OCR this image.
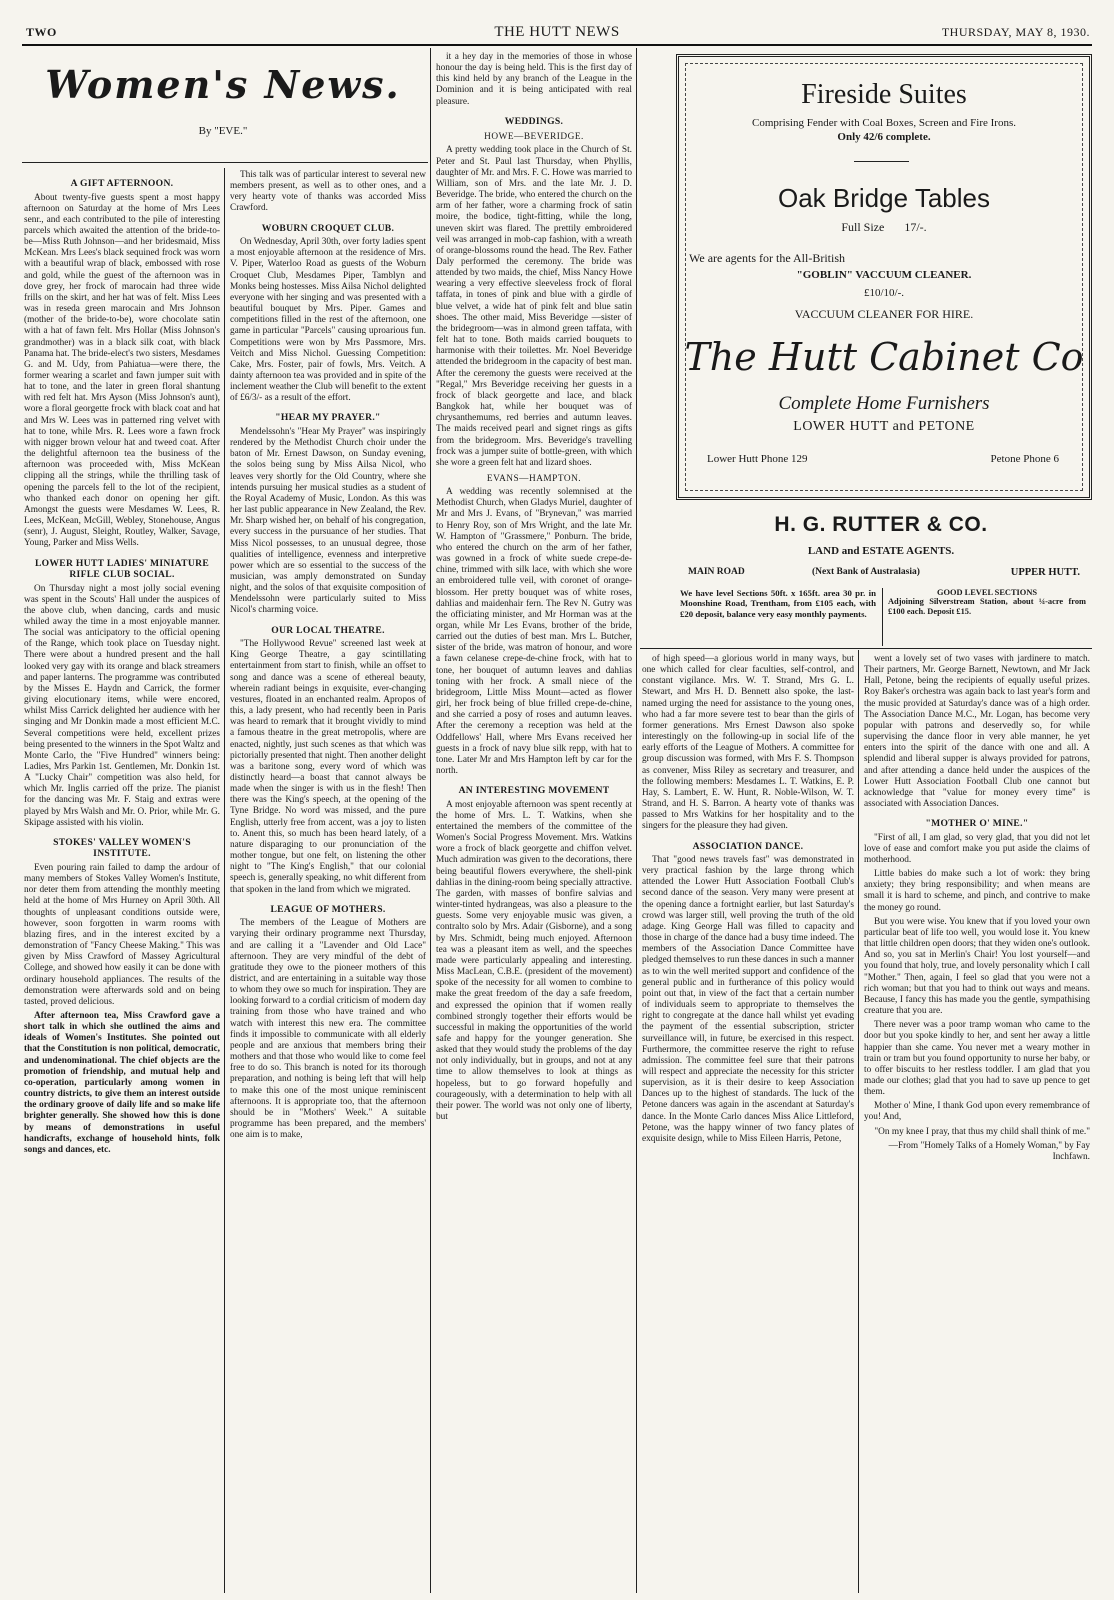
TWO	THE HUTT NEWS	THURSDAY, MAY 8, 1930.
Women's News.
By "EVE."
A GIFT AFTERNOON.

About twenty-five guests spent a most happy afternoon on Saturday at the home of Mrs Lees senr., and each contributed to the pile of interesting parcels which awaited the attention of the bride-to-be—Miss Ruth Johnson—and her bridesmaid, Miss McKean. Mrs Lees's black sequined frock was worn with a beautiful wrap of black, embossed with rose and gold, while the guest of the afternoon was in dove grey, her frock of marocain had three wide frills on the skirt, and her hat was of felt. Miss Lees was in reseda green marocain and Mrs Johnson (mother of the bride-to-be), wore chocolate satin with a hat of fawn felt. Mrs Hollar (Miss Johnson's grandmother) was in a black silk coat, with black Panama hat. The bride-elect's two sisters, Mesdames G. and M. Udy, from Pahiatua—were there, the former wearing a scarlet and fawn jumper suit with hat to tone, and the later in green floral shantung with red felt hat. Mrs Ayson (Miss Johnson's aunt), wore a floral georgette frock with black coat and hat and Mrs W. Lees was in patterned ring velvet with hat to tone, while Mrs. R. Lees wore a fawn frock with nigger brown velour hat and tweed coat. After the delightful afternoon tea the business of the afternoon was proceeded with, Miss McKean clipping all the strings, while the thrilling task of opening the parcels fell to the lot of the recipient, who thanked each donor on opening her gift. Amongst the guests were Mesdames W. Lees, R. Lees, McKean, McGill, Webley, Stonehouse, Angus (senr), J. August, Sleight, Routley, Walker, Savage, Young, Parker and Miss Wells.

LOWER HUTT LADIES' MINIATURE RIFLE CLUB SOCIAL.

On Thursday night a most jolly social evening was spent in the Scouts' Hall under the auspices of the above club, when dancing, cards and music whiled away the time in a most enjoyable manner. The social was anticipatory to the official opening of the Range, which took place on Tuesday night. There were about a hundred present and the hall looked very gay with its orange and black streamers and paper lanterns. The programme was contributed by the Misses E. Haydn and Carrick, the former giving elocutionary items, while were encored, whilst Miss Carrick delighted her audience with her singing and Mr Donkin made a most efficient M.C. Several competitions were held, excellent prizes being presented to the winners in the Spot Waltz and Monte Carlo, the "Five Hundred" winners being: Ladies, Mrs Parkin 1st. Gentlemen, Mr. Donkin 1st. A "Lucky Chair" competition was also held, for which Mr. Inglis carried off the prize. The pianist for the dancing was Mr. F. Staig and extras were played by Mrs Walsh and Mr. O. Prior, while Mr. G. Skipage assisted with his violin.

STOKES' VALLEY WOMEN'S INSTITUTE.

Even pouring rain failed to damp the ardour of many members of Stokes Valley Women's Institute, nor deter them from attending the monthly meeting held at the home of Mrs Hurney on April 30th. All thoughts of unpleasant conditions outside were, however, soon forgotten in warm rooms with blazing fires, and in the interest excited by a demonstration of "Fancy Cheese Making." This was given by Miss Crawford of Massey Agricultural College, and showed how easily it can be done with ordinary household appliances. The results of the demonstration were afterwards sold and on being tasted, proved delicious.

After afternoon tea, Miss Crawford gave a short talk in which she outlined the aims and ideals of Women's Institutes. She pointed out that the Constitution is non political, democratic, and undenominational. The chief objects are the promotion of friendship, and mutual help and co-operation, particularly among women in country districts, to give them an interest outside the ordinary groove of daily life and so make life brighter generally. She showed how this is done by means of demonstrations in useful handicrafts, exchange of household hints, folk songs and dances, etc.

This talk was of particular interest to several new members present, as well as to other ones, and a very hearty vote of thanks was accorded Miss Crawford.

WOBURN CROQUET CLUB.

On Wednesday, April 30th, over forty ladies spent a most enjoyable afternoon at the residence of Mrs. V. Piper, Waterloo Road as guests of the Woburn Croquet Club, Mesdames Piper, Tamblyn and Monks being hostesses. Miss Ailsa Nichol delighted everyone with her singing and was presented with a beautiful bouquet by Mrs. Piper. Games and competitions filled in the rest of the afternoon, one game in particular "Parcels" causing uproarious fun. Competitions were won by Mrs Passmore, Mrs. Veitch and Miss Nichol. Guessing Competition: Cake, Mrs. Foster, pair of fowls, Mrs. Veitch. A dainty afternoon tea was provided and in spite of the inclement weather the Club will benefit to the extent of £6/3/- as a result of the effort.

"HEAR MY PRAYER."

Mendelssohn's "Hear My Prayer" was inspiringly rendered by the Methodist Church choir under the baton of Mr. Ernest Dawson, on Sunday evening, the solos being sung by Miss Ailsa Nicol, who leaves very shortly for the Old Country, where she intends pursuing her musical studies as a student of the Royal Academy of Music, London. As this was her last public appearance in New Zealand, the Rev. Mr. Sharp wished her, on behalf of his congregation, every success in the pursuance of her studies. That Miss Nicol possesses, to an unusual degree, those qualities of intelligence, evenness and interpretive power which are so essential to the success of the musician, was amply demonstrated on Sunday night, and the solos of that exquisite composition of Mendelssohn were particularly suited to Miss Nicol's charming voice.

OUR LOCAL THEATRE.

"The Hollywood Revue" screened last week at King George Theatre, a gay scintillating entertainment from start to finish, while an offset to song and dance was a scene of ethereal beauty, wherein radiant beings in exquisite, ever-changing vestures, floated in an enchanted realm. Apropos of this, a lady present, who had recently been in Paris was heard to remark that it brought vividly to mind a famous theatre in the great metropolis, where are enacted, nightly, just such scenes as that which was pictorially presented that night. Then another delight was a baritone song, every word of which was distinctly heard—a boast that cannot always be made when the singer is with us in the flesh! Then there was the King's speech, at the opening of the Tyne Bridge. No word was missed, and the pure English, utterly free from accent, was a joy to listen to. Anent this, so much has been heard lately, of a nature disparaging to our pronunciation of the mother tongue, but one felt, on listening the other night to "The King's English," that our colonial speech is, generally speaking, no whit different from that spoken in the land from which we migrated.

LEAGUE OF MOTHERS.

The members of the League of Mothers are varying their ordinary programme next Thursday, and are calling it a "Lavender and Old Lace" afternoon. They are very mindful of the debt of gratitude they owe to the pioneer mothers of this district, and are entertaining in a suitable way those to whom they owe so much for inspiration. They are looking forward to a cordial criticism of modern day training from those who have trained and who watch with interest this new era. The committee finds it impossible to communicate with all elderly people and are anxious that members bring their mothers and that those who would like to come feel free to do so. This branch is noted for its thorough preparation, and nothing is being left that will help to make this one of the most unique reminiscent afternoons. It is appropriate too, that the afternoon should be in "Mothers' Week." A suitable programme has been prepared, and the members' one aim is to make,

it a hey day in the memories of those in whose honour the day is being held. This is the first day of this kind held by any branch of the League in the Dominion and it is being anticipated with real pleasure.

WEDDINGS.
HOWE—BEVERIDGE.

A pretty wedding took place in the Church of St. Peter and St. Paul last Thursday, when Phyllis, daughter of Mr. and Mrs. F. C. Howe was married to William, son of Mrs. and the late Mr. J. D. Beveridge. The bride, who entered the church on the arm of her father, wore a charming frock of satin moire, the bodice, tight-fitting, while the long, uneven skirt was flared. The prettily embroidered veil was arranged in mob-cap fashion, with a wreath of orange-blossoms round the head. The Rev. Father Daly performed the ceremony. The bride was attended by two maids, the chief, Miss Nancy Howe wearing a very effective sleeveless frock of floral taffata, in tones of pink and blue with a girdle of blue velvet, a wide hat of pink felt and blue satin shoes. The other maid, Miss Beveridge —sister of the bridegroom—was in almond green taffata, with felt hat to tone. Both maids carried bouquets to harmonise with their toilettes. Mr. Noel Beveridge attended the bridegroom in the capacity of best man. After the ceremony the guests were received at the "Regal," Mrs Beveridge receiving her guests in a frock of black georgette and lace, and black Bangkok hat, while her bouquet was of chrysanthemums, red berries and autumn leaves. The maids received pearl and signet rings as gifts from the bridegroom. Mrs. Beveridge's travelling frock was a jumper suite of bottle-green, with which she wore a green felt hat and lizard shoes.

EVANS—HAMPTON.

A wedding was recently solemnised at the Methodist Church, when Gladys Muriel, daughter of Mr and Mrs J. Evans, of "Brynevan," was married to Henry Roy, son of Mrs Wright, and the late Mr. W. Hampton of "Grassmere," Ponburn. The bride, who entered the church on the arm of her father, was gowned in a frock of white suede crepe-de-chine, trimmed with silk lace, with which she wore an embroidered tulle veil, with coronet of orange-blossom. Her pretty bouquet was of white roses, dahlias and maidenhair fern. The Rev N. Gutry was the officiating minister, and Mr Horman was at the organ, while Mr Les Evans, brother of the bride, carried out the duties of best man. Mrs L. Butcher, sister of the bride, was matron of honour, and wore a fawn celanese crepe-de-chine frock, with hat to tone, her bouquet of autumn leaves and dahlias toning with her frock. A small niece of the bridegroom, Little Miss Mount—acted as flower girl, her frock being of blue frilled crepe-de-chine, and she carried a posy of roses and autumn leaves. After the ceremony a reception was held at the Oddfellows' Hall, where Mrs Evans received her guests in a frock of navy blue silk repp, with hat to tone. Later Mr and Mrs Hampton left by car for the north.

AN INTERESTING MOVEMENT

A most enjoyable afternoon was spent recently at the home of Mrs. L. T. Watkins, when she entertained the members of the committee of the Women's Social Progress Movement. Mrs. Watkins wore a frock of black georgette and chiffon velvet. Much admiration was given to the decorations, there being beautiful flowers everywhere, the shell-pink dahlias in the dining-room being specially attractive. The garden, with masses of bonfire salvias and winter-tinted hydrangeas, was also a pleasure to the guests. Some very enjoyable music was given, a contralto solo by Mrs. Adair (Gisborne), and a song by Mrs. Schmidt, being much enjoyed. Afternoon tea was a pleasant item as well, and the speeches made were particularly appealing and interesting. Miss MacLean, C.B.E. (president of the movement) spoke of the necessity for all women to combine to make the great freedom of the day a safe freedom, and expressed the opinion that if women really combined strongly together their efforts would be successful in making the opportunities of the world safe and happy for the younger generation. She asked that they would study the problems of the day not only individually, but in groups, and not at any time to allow themselves to look at things as hopeless, but to go forward hopefully and courageously, with a determination to help with all their power. The world was not only one of liberty, but

of high speed—a glorious world in many ways, but one which called for clear faculties, self-control, and constant vigilance. Mrs. W. T. Strand, Mrs G. L. Stewart, and Mrs H. D. Bennett also spoke, the last-named urging the need for assistance to the young ones, who had a far more severe test to bear than the girls of former generations. Mrs Ernest Dawson also spoke interestingly on the following-up in social life of the early efforts of the League of Mothers. A committee for group discussion was formed, with Mrs F. S. Thompson as convener, Miss Riley as secretary and treasurer, and the following members: Mesdames L. T. Watkins, E. P. Hay, S. Lambert, E. W. Hunt, R. Noble-Wilson, W. T. Strand, and H. S. Barron. A hearty vote of thanks was passed to Mrs Watkins for her hospitality and to the singers for the pleasure they had given.

ASSOCIATION DANCE.

That "good news travels fast" was demonstrated in very practical fashion by the large throng which attended the Lower Hutt Association Football Club's second dance of the season. Very many were present at the opening dance a fortnight earlier, but last Saturday's crowd was larger still, well proving the truth of the old adage. King George Hall was filled to capacity and those in charge of the dance had a busy time indeed. The members of the Association Dance Committee have pledged themselves to run these dances in such a manner as to win the well merited support and confidence of the general public and in furtherance of this policy would point out that, in view of the fact that a certain number of individuals seem to appropriate to themselves the right to congregate at the dance hall whilst yet evading the payment of the essential subscription, stricter surveillance will, in future, be exercised in this respect. Furthermore, the committee reserve the right to refuse admission. The committee feel sure that their patrons will respect and appreciate the necessity for this stricter supervision, as it is their desire to keep Association Dances up to the highest of standards. The luck of the Petone dancers was again in the ascendant at Saturday's dance. In the Monte Carlo dances Miss Alice Littleford, Petone, was the happy winner of two fancy plates of exquisite design, while to Miss Eileen Harris, Petone,

went a lovely set of two vases with jardinere to match. Their partners, Mr. George Barnett, Newtown, and Mr Jack Hall, Petone, being the recipients of equally useful prizes. Roy Baker's orchestra was again back to last year's form and the music provided at Saturday's dance was of a high order. The Association Dance M.C., Mr. Logan, has become very popular with patrons and deservedly so, for while supervising the dance floor in very able manner, he yet enters into the spirit of the dance with one and all. A splendid and liberal supper is always provided for patrons, and after attending a dance held under the auspices of the Lower Hutt Association Football Club one cannot but acknowledge that "value for money every time" is associated with Association Dances.

"MOTHER O' MINE."

"First of all, I am glad, so very glad, that you did not let love of ease and comfort make you put aside the claims of motherhood.

Little babies do make such a lot of work: they bring anxiety; they bring responsibility; and when means are small it is hard to scheme, and pinch, and contrive to make the money go round.

But you were wise. You knew that if you loved your own particular beat of life too well, you would lose it. You knew that little children open doors; that they widen one's outlook. And so, you sat in Merlin's Chair! You lost yourself—and you found that holy, true, and lovely personality which I call "Mother." Then, again, I feel so glad that you were not a rich woman; but that you had to think out ways and means. Because, I fancy this has made you the gentle, sympathising creature that you are.

There never was a poor tramp woman who came to the door but you spoke kindly to her, and sent her away a little happier than she came. You never met a weary mother in train or tram but you found opportunity to nurse her baby, or to offer biscuits to her restless toddler. I am glad that you made our clothes; glad that you had to save up pence to get them.

Mother o' Mine, I thank God upon every remembrance of you! And,

"On my knee I pray, that thus my child shall think of me."

—From "Homely Talks of a Homely Woman," by Fay Inchfawn.

Fireside Suites
Comprising Fender with Coal Boxes, Screen and Fire Irons.
Only 42/6 complete.
Oak Bridge Tables
Full Size 17/-.
We are agents for the All-British
"GOBLIN" VACCUUM CLEANER.
£10/10/-.
VACCUUM CLEANER FOR HIRE.
The Hutt Cabinet Co
Complete Home Furnishers
LOWER HUTT and PETONE
Lower Hutt Phone 129	Petone Phone 6
H. G. RUTTER & CO.
LAND and ESTATE AGENTS.
MAIN ROAD	(Next Bank of Australasia)	UPPER HUTT.

We have level Sections 50ft. x 165ft. area 30 pr. in Moonshine Road, Trentham, from £105 each, with £20 deposit, balance very easy monthly payments.

GOOD LEVEL SECTIONS

Adjoining Silverstream Station, about ¼-acre from £100 each. Deposit £15.
